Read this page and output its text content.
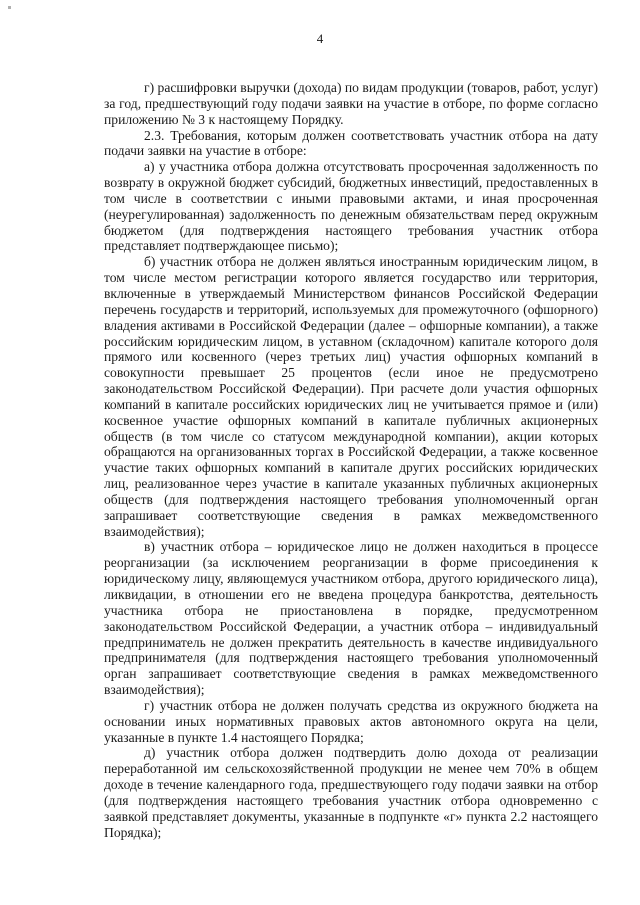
4

г) расшифровки выручки (дохода) по видам продукции (товаров, работ, услуг) за год, предшествующий году подачи заявки на участие в отборе, по форме согласно приложению № 3 к настоящему Порядку.

2.3. Требования, которым должен соответствовать участник отбора на дату подачи заявки на участие в отборе:

а) у участника отбора должна отсутствовать просроченная задолженность по возврату в окружной бюджет субсидий, бюджетных инвестиций, предоставленных в том числе в соответствии с иными правовыми актами, и иная просроченная (неурегулированная) задолженность по денежным обязательствам перед окружным бюджетом (для подтверждения настоящего требования участник отбора представляет подтверждающее письмо);

б) участник отбора не должен являться иностранным юридическим лицом, в том числе местом регистрации которого является государство или территория, включенные в утверждаемый Министерством финансов Российской Федерации перечень государств и территорий, используемых для промежуточного (офшорного) владения активами в Российской Федерации (далее – офшорные компании), а также российским юридическим лицом, в уставном (складочном) капитале которого доля прямого или косвенного (через третьих лиц) участия офшорных компаний в совокупности превышает 25 процентов (если иное не предусмотрено законодательством Российской Федерации). При расчете доли участия офшорных компаний в капитале российских юридических лиц не учитывается прямое и (или) косвенное участие офшорных компаний в капитале публичных акционерных обществ (в том числе со статусом международной компании), акции которых обращаются на организованных торгах в Российской Федерации, а также косвенное участие таких офшорных компаний в капитале других российских юридических лиц, реализованное через участие в капитале указанных публичных акционерных обществ (для подтверждения настоящего требования уполномоченный орган запрашивает соответствующие сведения в рамках межведомственного взаимодействия);

в) участник отбора – юридическое лицо не должен находиться в процессе реорганизации (за исключением реорганизации в форме присоединения к юридическому лицу, являющемуся участником отбора, другого юридического лица), ликвидации, в отношении его не введена процедура банкротства, деятельность участника отбора не приостановлена в порядке, предусмотренном законодательством Российской Федерации, а участник отбора – индивидуальный предприниматель не должен прекратить деятельность в качестве индивидуального предпринимателя (для подтверждения настоящего требования уполномоченный орган запрашивает соответствующие сведения в рамках межведомственного взаимодействия);

г) участник отбора не должен получать средства из окружного бюджета на основании иных нормативных правовых актов автономного округа на цели, указанные в пункте 1.4 настоящего Порядка;

д) участник отбора должен подтвердить долю дохода от реализации переработанной им сельскохозяйственной продукции не менее чем 70% в общем доходе в течение календарного года, предшествующего году подачи заявки на отбор (для подтверждения настоящего требования участник отбора одновременно с заявкой представляет документы, указанные в подпункте «г» пункта 2.2 настоящего Порядка);
